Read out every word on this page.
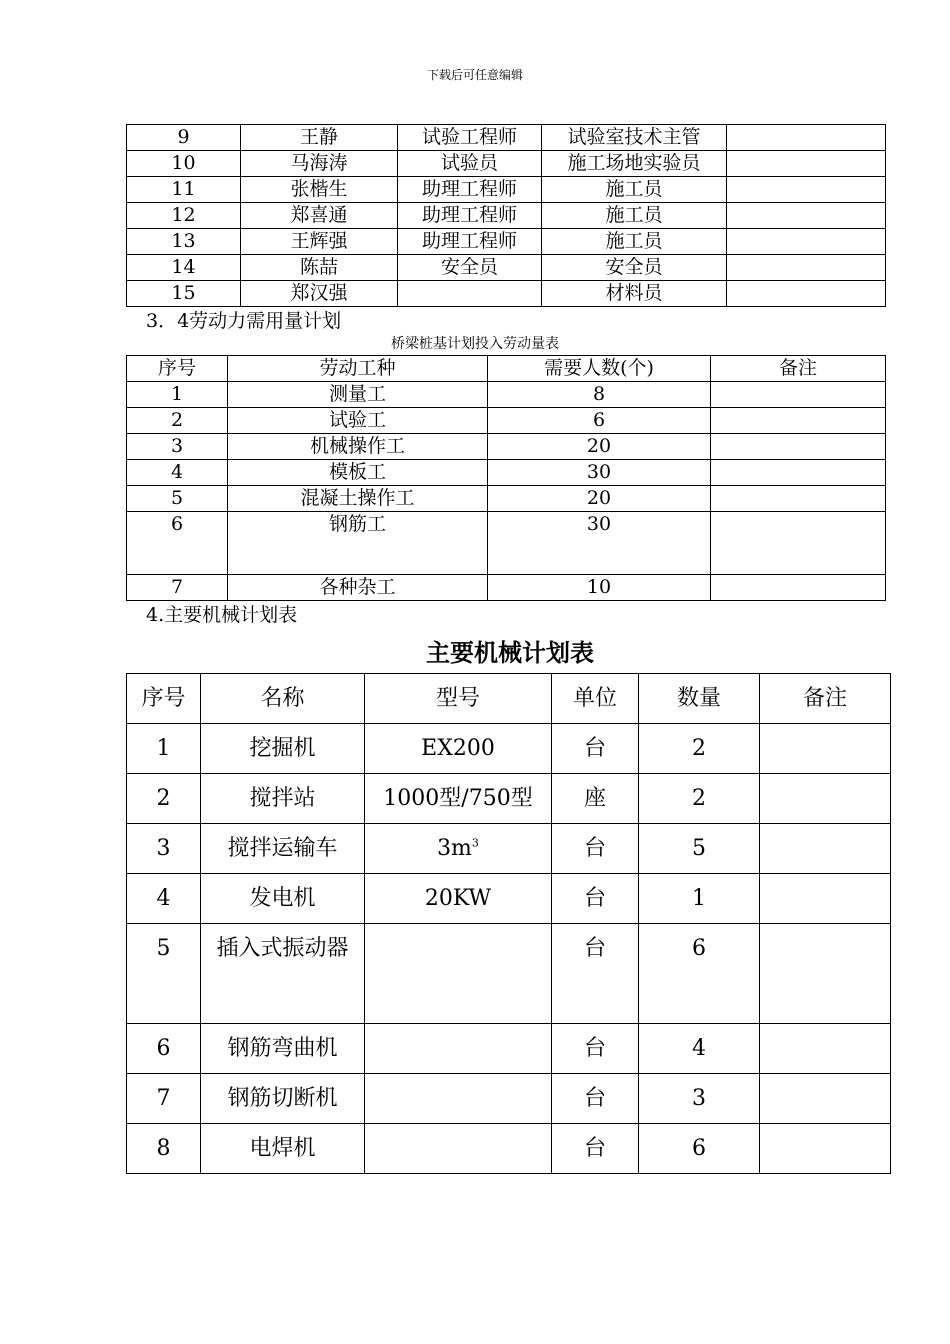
下载后可任意编辑
9	王静	试验工程师	试验室技术主管	
10	马海涛	试验员	施工场地实验员	
11	张楷生	助理工程师	施工员	
12	郑喜通	助理工程师	施工员	
13	王辉强	助理工程师	施工员	
14	陈喆	安全员	安全员	
15	郑汉强		材料员	
3．4劳动力需用量计划
桥梁桩基计划投入劳动量表
序号	劳动工种	需要人数(个)	备注
1	测量工	8	
2	试验工	6	
3	机械操作工	20	
4	模板工	30	
5	混凝土操作工	20	
6	钢筋工	30	
7	各种杂工	10	
4.主要机械计划表
主要机械计划表
序号	名称	型号	单位	数量	备注
1	挖掘机	EX200	台	2	
2	搅拌站	1000型/750型	座	2	
3	搅拌运输车	$3m^3$	台	5	
4	发电机	20KW	台	1	
5	插入式振动器		台	6	
6	钢筋弯曲机		台	4	
7	钢筋切断机		台	3	
8	电焊机		台	6	
